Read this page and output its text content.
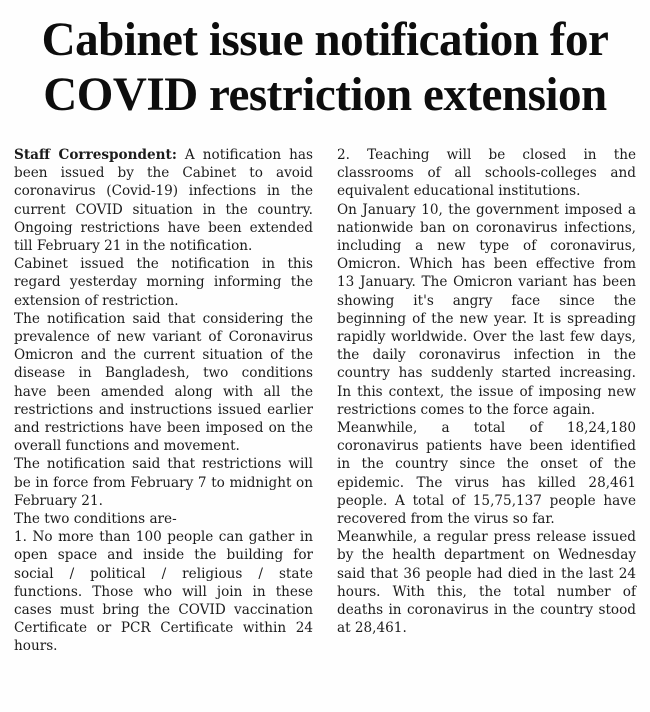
Cabinet issue notification for COVID restriction extension

Staff Correspondent: A notification has been issued by the Cabinet to avoid coronavirus (Covid-19) infections in the current COVID situation in the country. Ongoing restrictions have been extended till February 21 in the notification.

Cabinet issued the notification in this regard yesterday morning informing the extension of restriction.

The notification said that considering the prevalence of new variant of Coronavirus Omicron and the current situation of the disease in Bangladesh, two conditions have been amended along with all the restrictions and instructions issued earlier and restrictions have been imposed on the overall functions and movement.

The notification said that restrictions will be in force from February 7 to midnight on February 21.

The two conditions are-

1. No more than 100 people can gather in open space and inside the building for social / political / religious / state functions. Those who will join in these cases must bring the COVID vaccination Certificate or PCR Certificate within 24 hours.

2. Teaching will be closed in the classrooms of all schools-colleges and equivalent educational institutions.

On January 10, the government imposed a nationwide ban on coronavirus infections, including a new type of coronavirus, Omicron. Which has been effective from 13 January. The Omicron variant has been showing it's angry face since the beginning of the new year. It is spreading rapidly worldwide. Over the last few days, the daily coronavirus infection in the country has suddenly started increasing. In this context, the issue of imposing new restrictions comes to the force again.

Meanwhile, a total of 18,24,180 coronavirus patients have been identified in the country since the onset of the epidemic. The virus has killed 28,461 people. A total of 15,75,137 people have recovered from the virus so far.

Meanwhile, a regular press release issued by the health department on Wednesday said that 36 people had died in the last 24 hours. With this, the total number of deaths in coronavirus in the country stood at 28,461.
